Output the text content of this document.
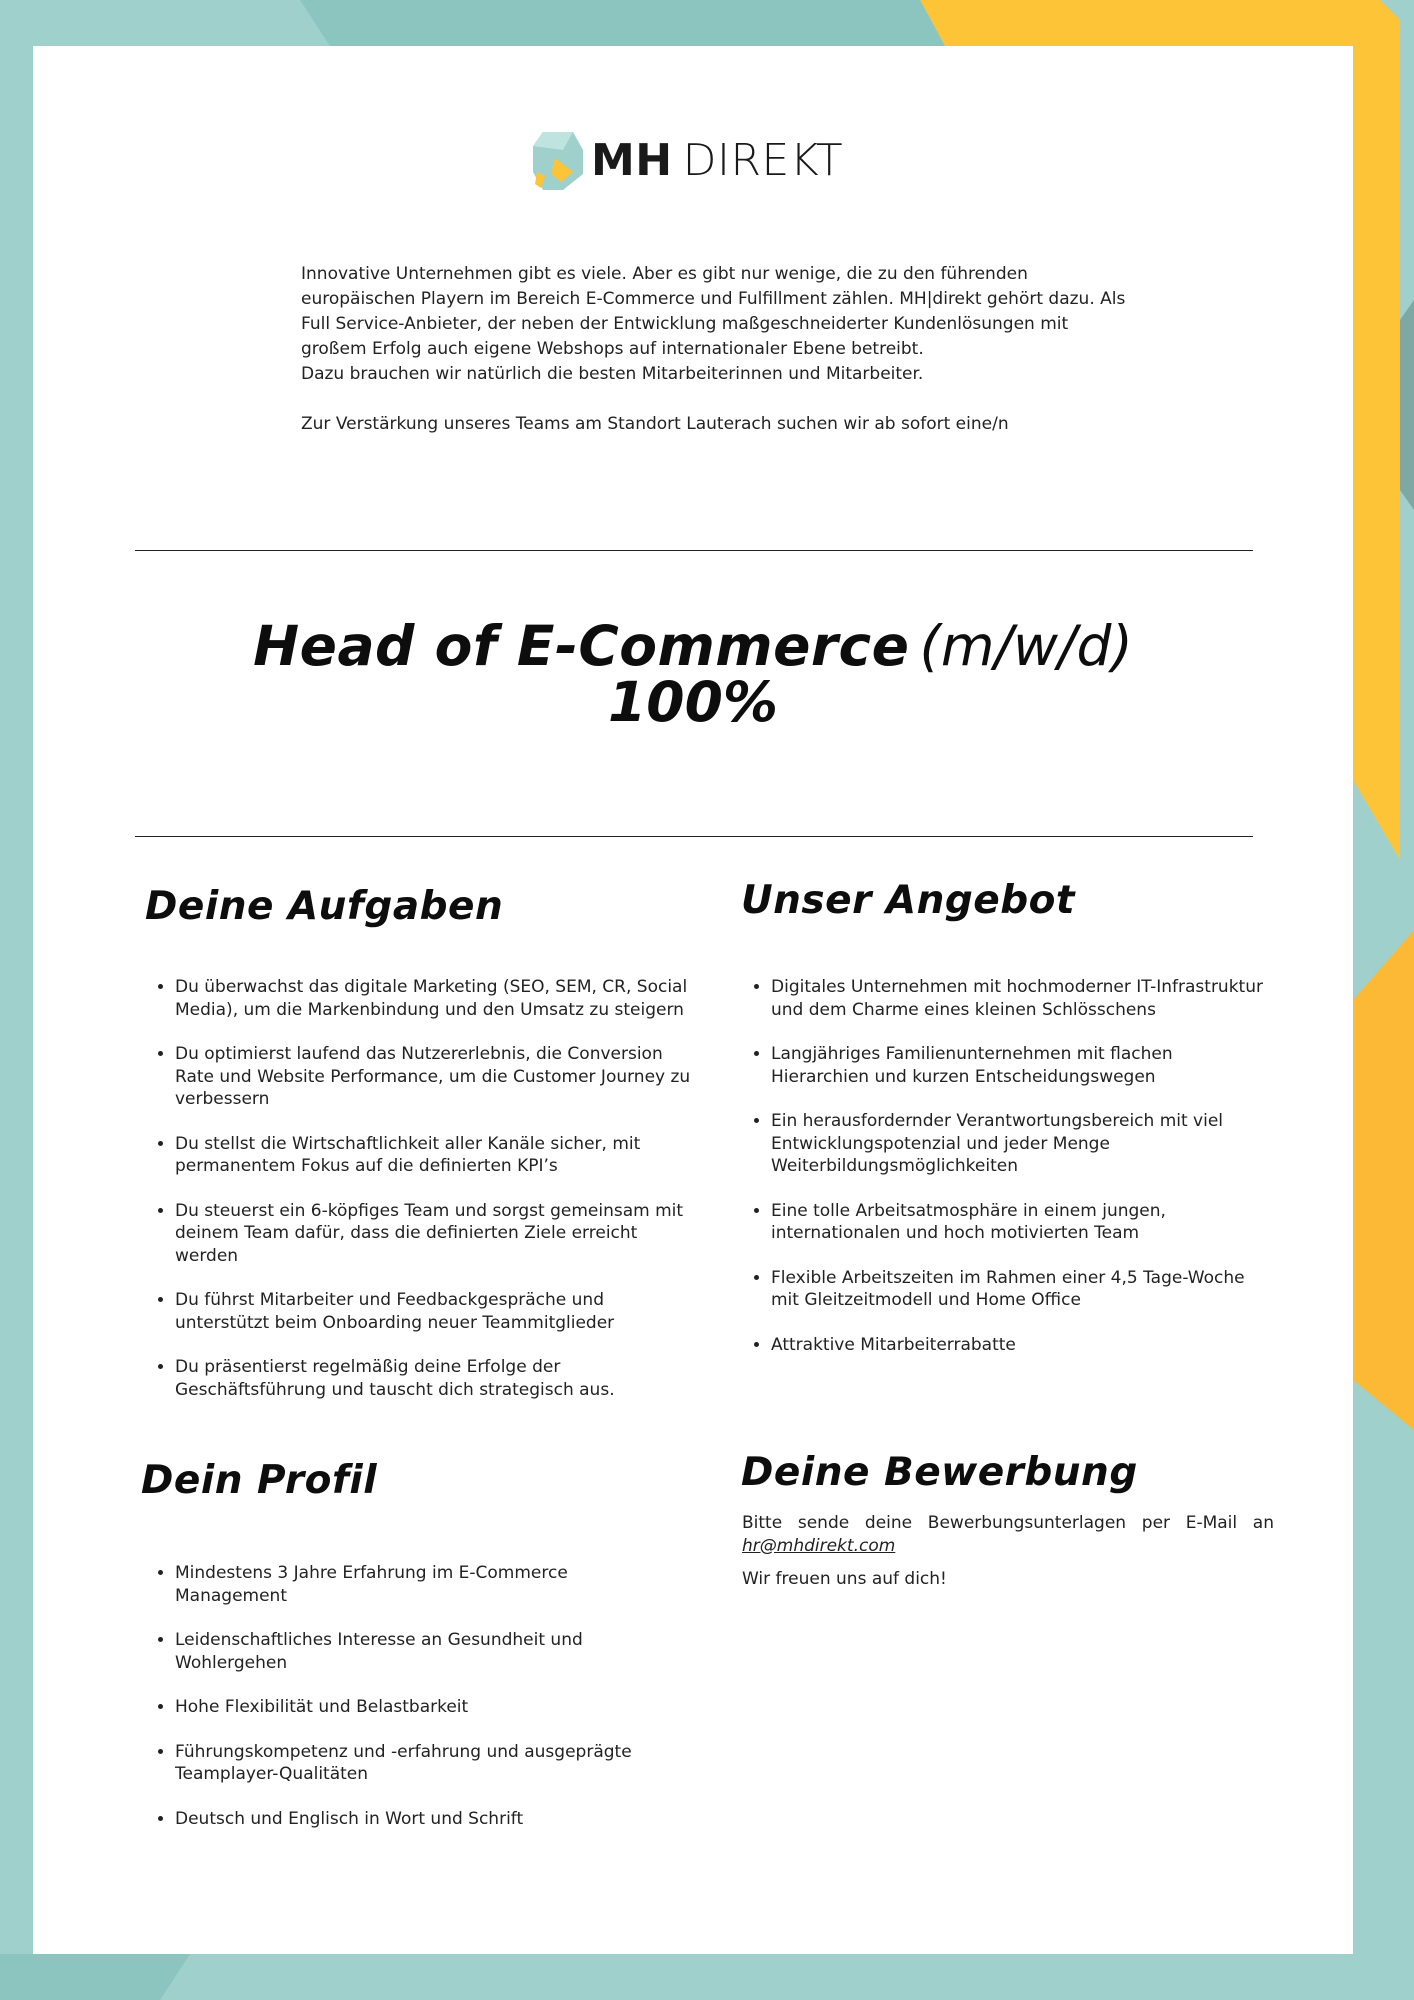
MH DIREKT

Innovative Unternehmen gibt es viele. Aber es gibt nur wenige, die zu den führenden europäischen Playern im Bereich E-Commerce und Fulfillment zählen. MH|direkt gehört dazu. Als Full Service-Anbieter, der neben der Entwicklung maßgeschneiderter Kundenlösungen mit großem Erfolg auch eigene Webshops auf internationaler Ebene betreibt.

Dazu brauchen wir natürlich die besten Mitarbeiterinnen und Mitarbeiter.

Zur Verstärkung unseres Teams am Standort Lauterach suchen wir ab sofort eine/n

Head of E-Commerce (m/w/d)
100%
Deine Aufgaben
• Du überwachst das digitale Marketing (SEO, SEM, CR, Social Media), um die Markenbindung und den Umsatz zu steigern
• Du optimierst laufend das Nutzererlebnis, die Conversion Rate und Website Performance, um die Customer Journey zu verbessern
• Du stellst die Wirtschaftlichkeit aller Kanäle sicher, mit permanentem Fokus auf die definierten KPI’s
• Du steuerst ein 6-köpfiges Team und sorgst gemeinsam mit deinem Team dafür, dass die definierten Ziele erreicht werden
• Du führst Mitarbeiter und Feedbackgespräche und unterstützt beim Onboarding neuer Teammitglieder
• Du präsentierst regelmäßig deine Erfolge der Geschäftsführung und tauscht dich strategisch aus.
Unser Angebot
• Digitales Unternehmen mit hochmoderner IT-Infrastruktur und dem Charme eines kleinen Schlösschens
• Langjähriges Familienunternehmen mit flachen Hierarchien und kurzen Entscheidungswegen
• Ein herausfordernder Verantwortungsbereich mit viel Entwicklungspotenzial und jeder Menge Weiterbildungsmöglichkeiten
• Eine tolle Arbeitsatmosphäre in einem jungen, internationalen und hoch motivierten Team
• Flexible Arbeitszeiten im Rahmen einer 4,5 Tage-Woche mit Gleitzeitmodell und Home Office
• Attraktive Mitarbeiterrabatte
Dein Profil
• Mindestens 3 Jahre Erfahrung im E-Commerce Management
• Leidenschaftliches Interesse an Gesundheit und Wohlergehen
• Hohe Flexibilität und Belastbarkeit
• Führungskompetenz und -erfahrung und ausgeprägte Teamplayer-Qualitäten
• Deutsch und Englisch in Wort und Schrift
Deine Bewerbung

Bitte sende deine Bewerbungsunterlagen per E-Mail an hr@mhdirekt.com

Wir freuen uns auf dich!
